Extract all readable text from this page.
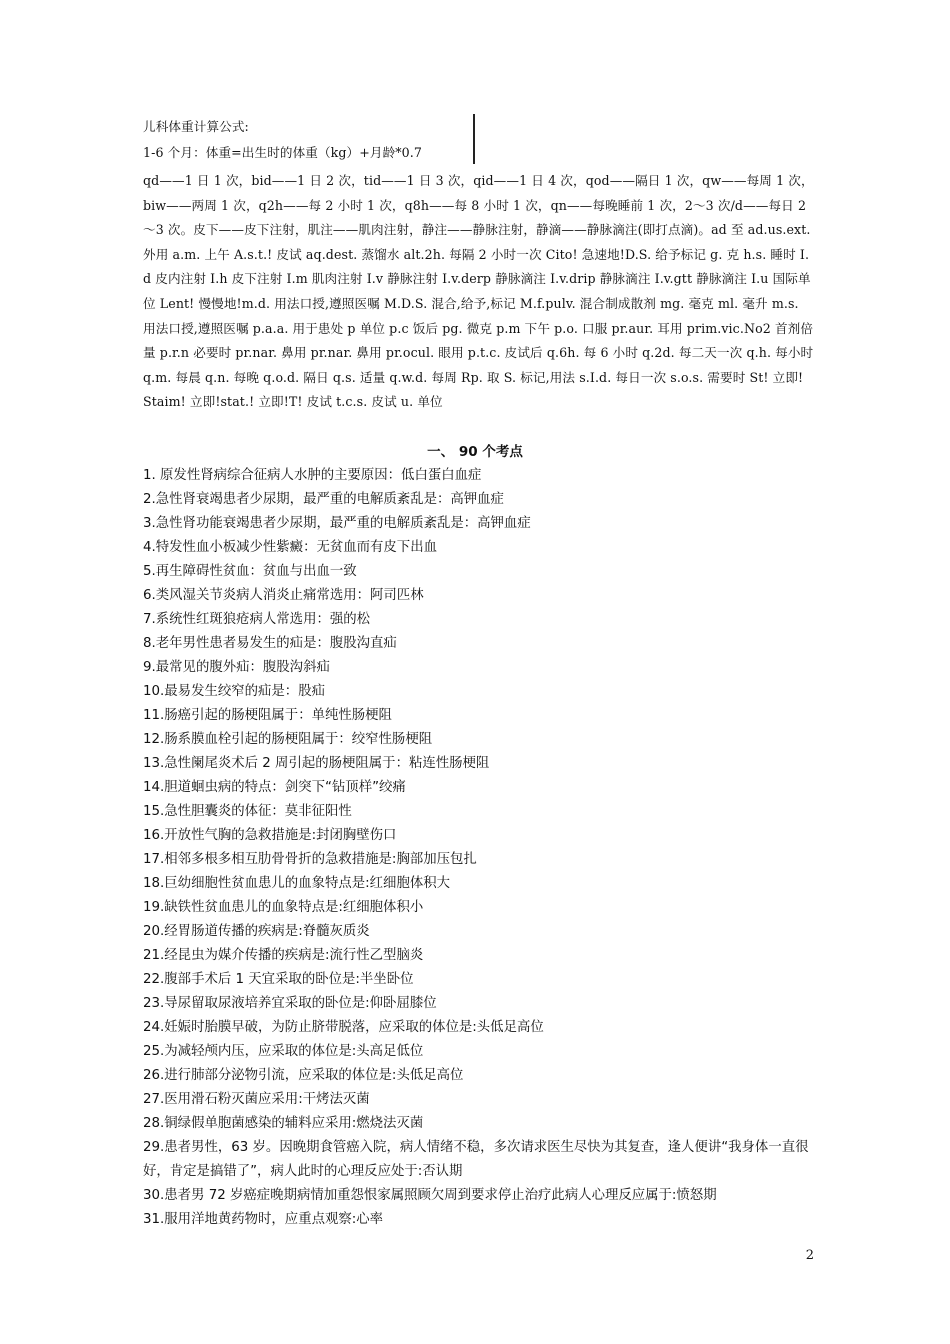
儿科体重计算公式:
1-6 个月：体重=出生时的体重（kg）+月龄*0.7
qd——1 日 1 次，bid——1 日 2 次，tid——1 日 3 次，qid——1 日 4 次，qod——隔日 1 次，qw——每周 1 次，biw——两周 1 次，q2h——每 2 小时 1 次，q8h——每 8 小时 1 次，qn——每晚睡前 1 次，2～3 次/d——每日 2～3 次。皮下——皮下注射，肌注——肌肉注射，静注——静脉注射，静滴——静脉滴注(即打点滴)。ad 至 ad.us.ext. 外用 a.m. 上午 A.s.t.! 皮试 aq.dest. 蒸馏水 alt.2h. 每隔 2 小时一次 Cito! 急速地!D.S. 给予标记 g. 克 h.s. 睡时 I.d 皮内注射 I.h 皮下注射 I.m 肌肉注射 I.v 静脉注射 I.v.derp 静脉滴注 I.v.drip 静脉滴注 I.v.gtt 静脉滴注 I.u 国际单位 Lent! 慢慢地!m.d. 用法口授,遵照医嘱 M.D.S. 混合,给予,标记 M.f.pulv. 混合制成散剂 mg. 毫克 ml. 毫升 m.s. 用法口授,遵照医嘱 p.a.a. 用于患处 p 单位 p.c 饭后 pg. 微克 p.m 下午 p.o. 口服 pr.aur. 耳用 prim.vic.No2 首剂倍量 p.r.n 必要时 pr.nar. 鼻用 pr.nar. 鼻用 pr.ocul. 眼用 p.t.c. 皮试后 q.6h. 每 6 小时 q.2d. 每二天一次 q.h. 每小时 q.m. 每晨 q.n. 每晚 q.o.d. 隔日 q.s. 适量 q.w.d. 每周 Rp. 取 S. 标记,用法 s.I.d. 每日一次 s.o.s. 需要时 St! 立即! Staim! 立即!stat.! 立即!T! 皮试 t.c.s. 皮试 u. 单位
一、 90 个考点
1. 原发性肾病综合征病人水肿的主要原因：低白蛋白血症
2.急性肾衰竭患者少尿期，最严重的电解质紊乱是：高钾血症
3.急性肾功能衰竭患者少尿期，最严重的电解质紊乱是：高钾血症
4.特发性血小板减少性紫癜：无贫血而有皮下出血
5.再生障碍性贫血：贫血与出血一致
6.类风湿关节炎病人消炎止痛常选用：阿司匹林
7.系统性红斑狼疮病人常选用：强的松
8.老年男性患者易发生的疝是：腹股沟直疝
9.最常见的腹外疝：腹股沟斜疝
10.最易发生绞窄的疝是：股疝
11.肠癌引起的肠梗阻属于：单纯性肠梗阻
12.肠系膜血栓引起的肠梗阻属于：绞窄性肠梗阻
13.急性阑尾炎术后 2 周引起的肠梗阻属于：粘连性肠梗阻
14.胆道蛔虫病的特点：剑突下“钻顶样”绞痛
15.急性胆囊炎的体征：莫非征阳性
16.开放性气胸的急救措施是:封闭胸壁伤口
17.相邻多根多相互肋骨骨折的急救措施是:胸部加压包扎
18.巨幼细胞性贫血患儿的血象特点是:红细胞体积大
19.缺铁性贫血患儿的血象特点是:红细胞体积小
20.经胃肠道传播的疾病是:脊髓灰质炎
21.经昆虫为媒介传播的疾病是:流行性乙型脑炎
22.腹部手术后 1 天宜采取的卧位是:半坐卧位
23.导尿留取尿液培养宜采取的卧位是:仰卧屈膝位
24.妊娠时胎膜早破，为防止脐带脱落，应采取的体位是:头低足高位
25.为减轻颅内压，应采取的体位是:头高足低位
26.进行肺部分泌物引流，应采取的体位是:头低足高位
27.医用滑石粉灭菌应采用:干烤法灭菌
28.铜绿假单胞菌感染的辅料应采用:燃烧法灭菌
29.患者男性，63 岁。因晚期食管癌入院，病人情绪不稳，多次请求医生尽快为其复查，逢人便讲“我身体一直很好，肯定是搞错了”，病人此时的心理反应处于:否认期
30.患者男 72 岁癌症晚期病情加重怨恨家属照顾欠周到要求停止治疗此病人心理反应属于:愤怒期
31.服用洋地黄药物时，应重点观察:心率
2
